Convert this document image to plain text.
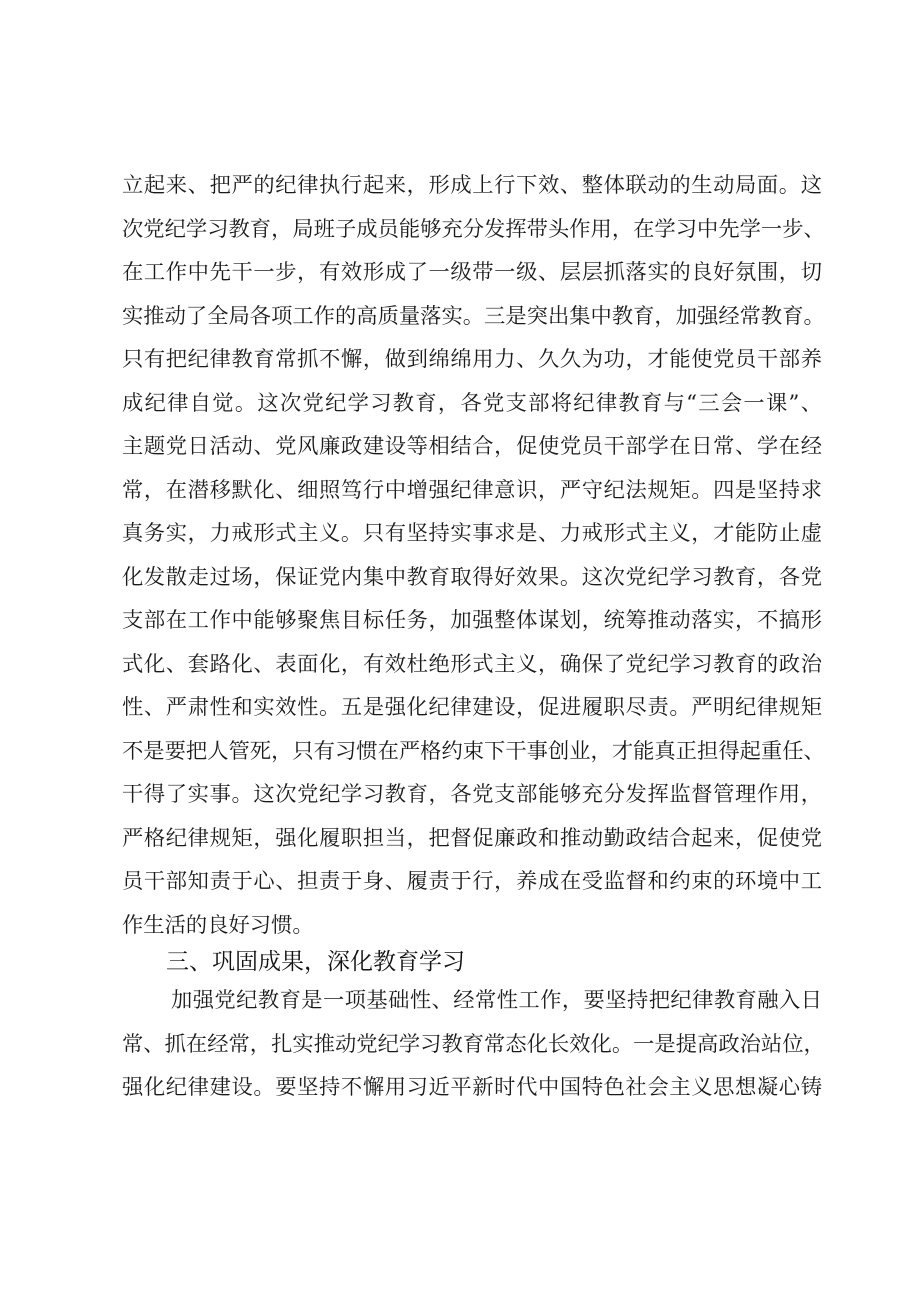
立起来、把严的纪律执行起来，形成上行下效、整体联动的生动局面。这
次党纪学习教育，局班子成员能够充分发挥带头作用，在学习中先学一步、
在工作中先干一步，有效形成了一级带一级、层层抓落实的良好氛围，切
实推动了全局各项工作的高质量落实。三是突出集中教育，加强经常教育。
只有把纪律教育常抓不懈，做到绵绵用力、久久为功，才能使党员干部养
成纪律自觉。这次党纪学习教育，各党支部将纪律教育与“三会一课”、
主题党日活动、党风廉政建设等相结合，促使党员干部学在日常、学在经
常，在潜移默化、细照笃行中增强纪律意识，严守纪法规矩。四是坚持求
真务实，力戒形式主义。只有坚持实事求是、力戒形式主义，才能防止虚
化发散走过场，保证党内集中教育取得好效果。这次党纪学习教育，各党
支部在工作中能够聚焦目标任务，加强整体谋划，统筹推动落实，不搞形
式化、套路化、表面化，有效杜绝形式主义，确保了党纪学习教育的政治
性、严肃性和实效性。五是强化纪律建设，促进履职尽责。严明纪律规矩
不是要把人管死，只有习惯在严格约束下干事创业，才能真正担得起重任、
干得了实事。这次党纪学习教育，各党支部能够充分发挥监督管理作用，
严格纪律规矩，强化履职担当，把督促廉政和推动勤政结合起来，促使党
员干部知责于心、担责于身、履责于行，养成在受监督和约束的环境中工
作生活的良好习惯。
三、巩固成果，深化教育学习
加强党纪教育是一项基础性、经常性工作，要坚持把纪律教育融入日
常、抓在经常，扎实推动党纪学习教育常态化长效化。一是提高政治站位，
强化纪律建设。要坚持不懈用习近平新时代中国特色社会主义思想凝心铸
